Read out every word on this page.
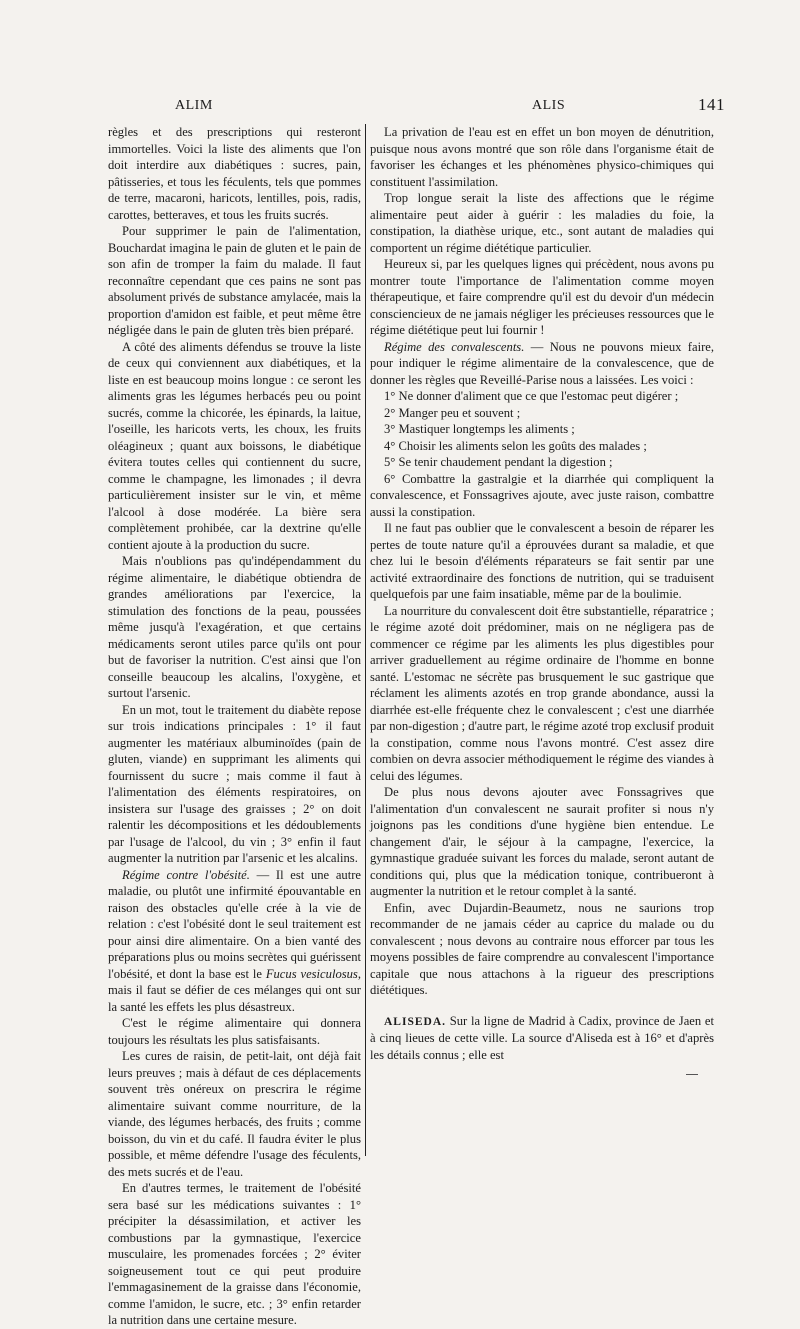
ALIM	ALIS	141

règles et des prescriptions qui resteront immortelles. Voici la liste des aliments que l'on doit interdire aux diabétiques : sucres, pain, pâtisseries, et tous les féculents, tels que pommes de terre, macaroni, haricots, lentilles, pois, radis, carottes, betteraves, et tous les fruits sucrés.

Pour supprimer le pain de l'alimentation, Bouchardat imagina le pain de gluten et le pain de son afin de tromper la faim du malade. Il faut reconnaître cependant que ces pains ne sont pas absolument privés de substance amylacée, mais la proportion d'amidon est faible, et peut même être négligée dans le pain de gluten très bien préparé.

A côté des aliments défendus se trouve la liste de ceux qui conviennent aux diabétiques, et la liste en est beaucoup moins longue : ce seront les aliments gras les légumes herbacés peu ou point sucrés, comme la chicorée, les épinards, la laitue, l'oseille, les haricots verts, les choux, les fruits oléagineux ; quant aux boissons, le diabétique évitera toutes celles qui contiennent du sucre, comme le champagne, les limonades ; il devra particulièrement insister sur le vin, et même l'alcool à dose modérée. La bière sera complètement prohibée, car la dextrine qu'elle contient ajoute à la production du sucre.

Mais n'oublions pas qu'indépendamment du régime alimentaire, le diabétique obtiendra de grandes améliorations par l'exercice, la stimulation des fonctions de la peau, poussées même jusqu'à l'exagération, et que certains médicaments seront utiles parce qu'ils ont pour but de favoriser la nutrition. C'est ainsi que l'on conseille beaucoup les alcalins, l'oxygène, et surtout l'arsenic.

En un mot, tout le traitement du diabète repose sur trois indications principales : 1° il faut augmenter les matériaux albuminoïdes (pain de gluten, viande) en supprimant les aliments qui fournissent du sucre ; mais comme il faut à l'alimentation des éléments respiratoires, on insistera sur l'usage des graisses ; 2° on doit ralentir les décompositions et les dédoublements par l'usage de l'alcool, du vin ; 3° enfin il faut augmenter la nutrition par l'arsenic et les alcalins.

Régime contre l'obésité. — Il est une autre maladie, ou plutôt une infirmité épouvantable en raison des obstacles qu'elle crée à la vie de relation : c'est l'obésité dont le seul traitement est pour ainsi dire alimentaire. On a bien vanté des préparations plus ou moins secrètes qui guérissent l'obésité, et dont la base est le Fucus vesiculosus, mais il faut se défier de ces mélanges qui ont sur la santé les effets les plus désastreux.

C'est le régime alimentaire qui donnera toujours les résultats les plus satisfaisants.

Les cures de raisin, de petit-lait, ont déjà fait leurs preuves ; mais à défaut de ces déplacements souvent très onéreux on prescrira le régime alimentaire suivant comme nourriture, de la viande, des légumes herbacés, des fruits ; comme boisson, du vin et du café. Il faudra éviter le plus possible, et même défendre l'usage des féculents, des mets sucrés et de l'eau.

En d'autres termes, le traitement de l'obésité sera basé sur les médications suivantes : 1° précipiter la désassimilation, et activer les combustions par la gymnastique, l'exercice musculaire, les promenades forcées ; 2° éviter soigneusement tout ce qui peut produire l'emmagasinement de la graisse dans l'économie, comme l'amidon, le sucre, etc. ; 3° enfin retarder la nutrition dans une certaine mesure.

La privation de l'eau est en effet un bon moyen de dénutrition, puisque nous avons montré que son rôle dans l'organisme était de favoriser les échanges et les phénomènes physico-chimiques qui constituent l'assimilation.

Trop longue serait la liste des affections que le régime alimentaire peut aider à guérir : les maladies du foie, la constipation, la diathèse urique, etc., sont autant de maladies qui comportent un régime diététique particulier.

Heureux si, par les quelques lignes qui précèdent, nous avons pu montrer toute l'importance de l'alimentation comme moyen thérapeutique, et faire comprendre qu'il est du devoir d'un médecin consciencieux de ne jamais négliger les précieuses ressources que le régime diététique peut lui fournir !

Régime des convalescents. — Nous ne pouvons mieux faire, pour indiquer le régime alimentaire de la convalescence, que de donner les règles que Reveillé-Parise nous a laissées. Les voici :

1° Ne donner d'aliment que ce que l'estomac peut digérer ;

2° Manger peu et souvent ;

3° Mastiquer longtemps les aliments ;

4° Choisir les aliments selon les goûts des malades ;

5° Se tenir chaudement pendant la digestion ;

6° Combattre la gastralgie et la diarrhée qui compliquent la convalescence, et Fonssagrives ajoute, avec juste raison, combattre aussi la constipation.

Il ne faut pas oublier que le convalescent a besoin de réparer les pertes de toute nature qu'il a éprouvées durant sa maladie, et que chez lui le besoin d'éléments réparateurs se fait sentir par une activité extraordinaire des fonctions de nutrition, qui se traduisent quelquefois par une faim insatiable, même par de la boulimie.

La nourriture du convalescent doit être substantielle, réparatrice ; le régime azoté doit prédominer, mais on ne négligera pas de commencer ce régime par les aliments les plus digestibles pour arriver graduellement au régime ordinaire de l'homme en bonne santé. L'estomac ne sécrète pas brusquement le suc gastrique que réclament les aliments azotés en trop grande abondance, aussi la diarrhée est-elle fréquente chez le convalescent ; c'est une diarrhée par non-digestion ; d'autre part, le régime azoté trop exclusif produit la constipation, comme nous l'avons montré. C'est assez dire combien on devra associer méthodiquement le régime des viandes à celui des légumes.

De plus nous devons ajouter avec Fonssagrives que l'alimentation d'un convalescent ne saurait profiter si nous n'y joignons pas les conditions d'une hygiène bien entendue. Le changement d'air, le séjour à la campagne, l'exercice, la gymnastique graduée suivant les forces du malade, seront autant de conditions qui, plus que la médication tonique, contribueront à augmenter la nutrition et le retour complet à la santé.

Enfin, avec Dujardin-Beaumetz, nous ne saurions trop recommander de ne jamais céder au caprice du malade ou du convalescent ; nous devons au contraire nous efforcer par tous les moyens possibles de faire comprendre au convalescent l'importance capitale que nous attachons à la rigueur des prescriptions diététiques.

ALISEDA. Sur la ligne de Madrid à Cadix, province de Jaen et à cinq lieues de cette ville. La source d'Aliseda est à 16° et d'après les détails connus ; elle est
